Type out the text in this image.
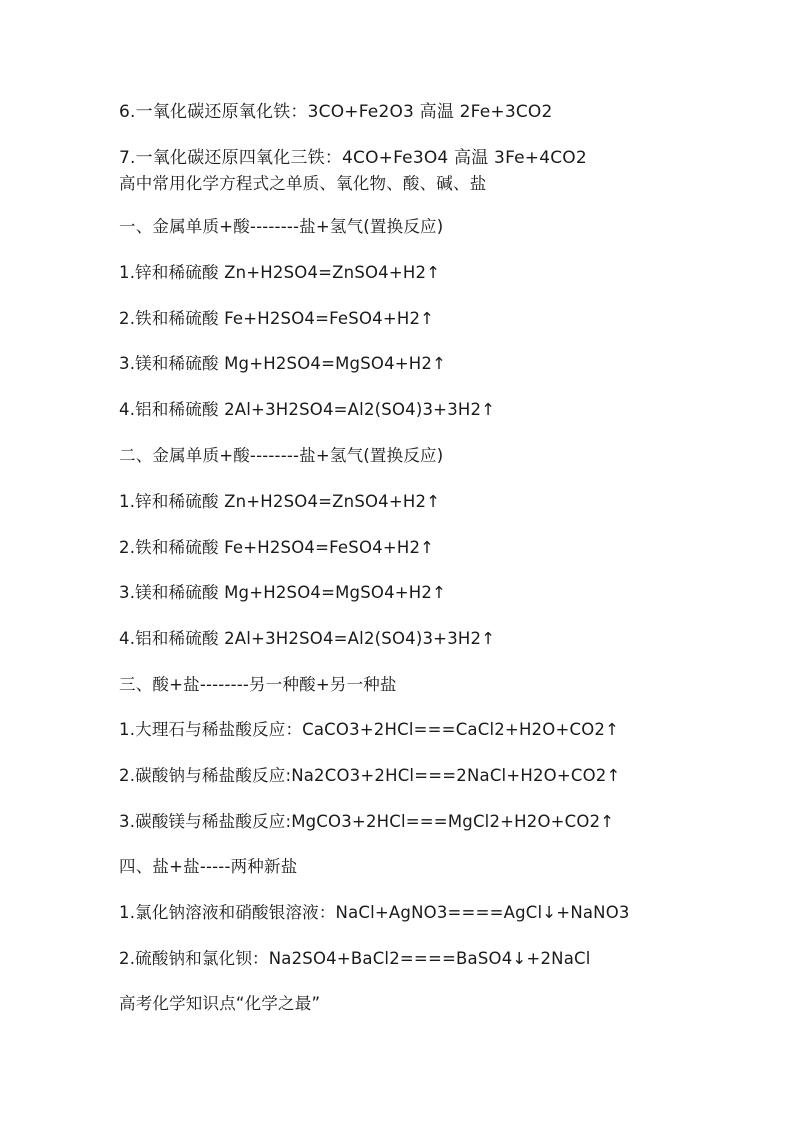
6.一氧化碳还原氧化铁：3CO+Fe2O3 高温 2Fe+3CO2
7.一氧化碳还原四氧化三铁：4CO+Fe3O4 高温 3Fe+4CO2
高中常用化学方程式之单质、氧化物、酸、碱、盐
一、金属单质+酸--------盐+氢气(置换反应)
1.锌和稀硫酸 Zn+H2SO4=ZnSO4+H2↑
2.铁和稀硫酸 Fe+H2SO4=FeSO4+H2↑
3.镁和稀硫酸 Mg+H2SO4=MgSO4+H2↑
4.铝和稀硫酸 2Al+3H2SO4=Al2(SO4)3+3H2↑
二、金属单质+酸--------盐+氢气(置换反应)
1.锌和稀硫酸 Zn+H2SO4=ZnSO4+H2↑
2.铁和稀硫酸 Fe+H2SO4=FeSO4+H2↑
3.镁和稀硫酸 Mg+H2SO4=MgSO4+H2↑
4.铝和稀硫酸 2Al+3H2SO4=Al2(SO4)3+3H2↑
三、酸+盐--------另一种酸+另一种盐
1.大理石与稀盐酸反应：CaCO3+2HCl===CaCl2+H2O+CO2↑
2.碳酸钠与稀盐酸反应:Na2CO3+2HCl===2NaCl+H2O+CO2↑
3.碳酸镁与稀盐酸反应:MgCO3+2HCl===MgCl2+H2O+CO2↑
四、盐+盐-----两种新盐
1.氯化钠溶液和硝酸银溶液：NaCl+AgNO3====AgCl↓+NaNO3
2.硫酸钠和氯化钡：Na2SO4+BaCl2====BaSO4↓+2NaCl
高考化学知识点“化学之最”
